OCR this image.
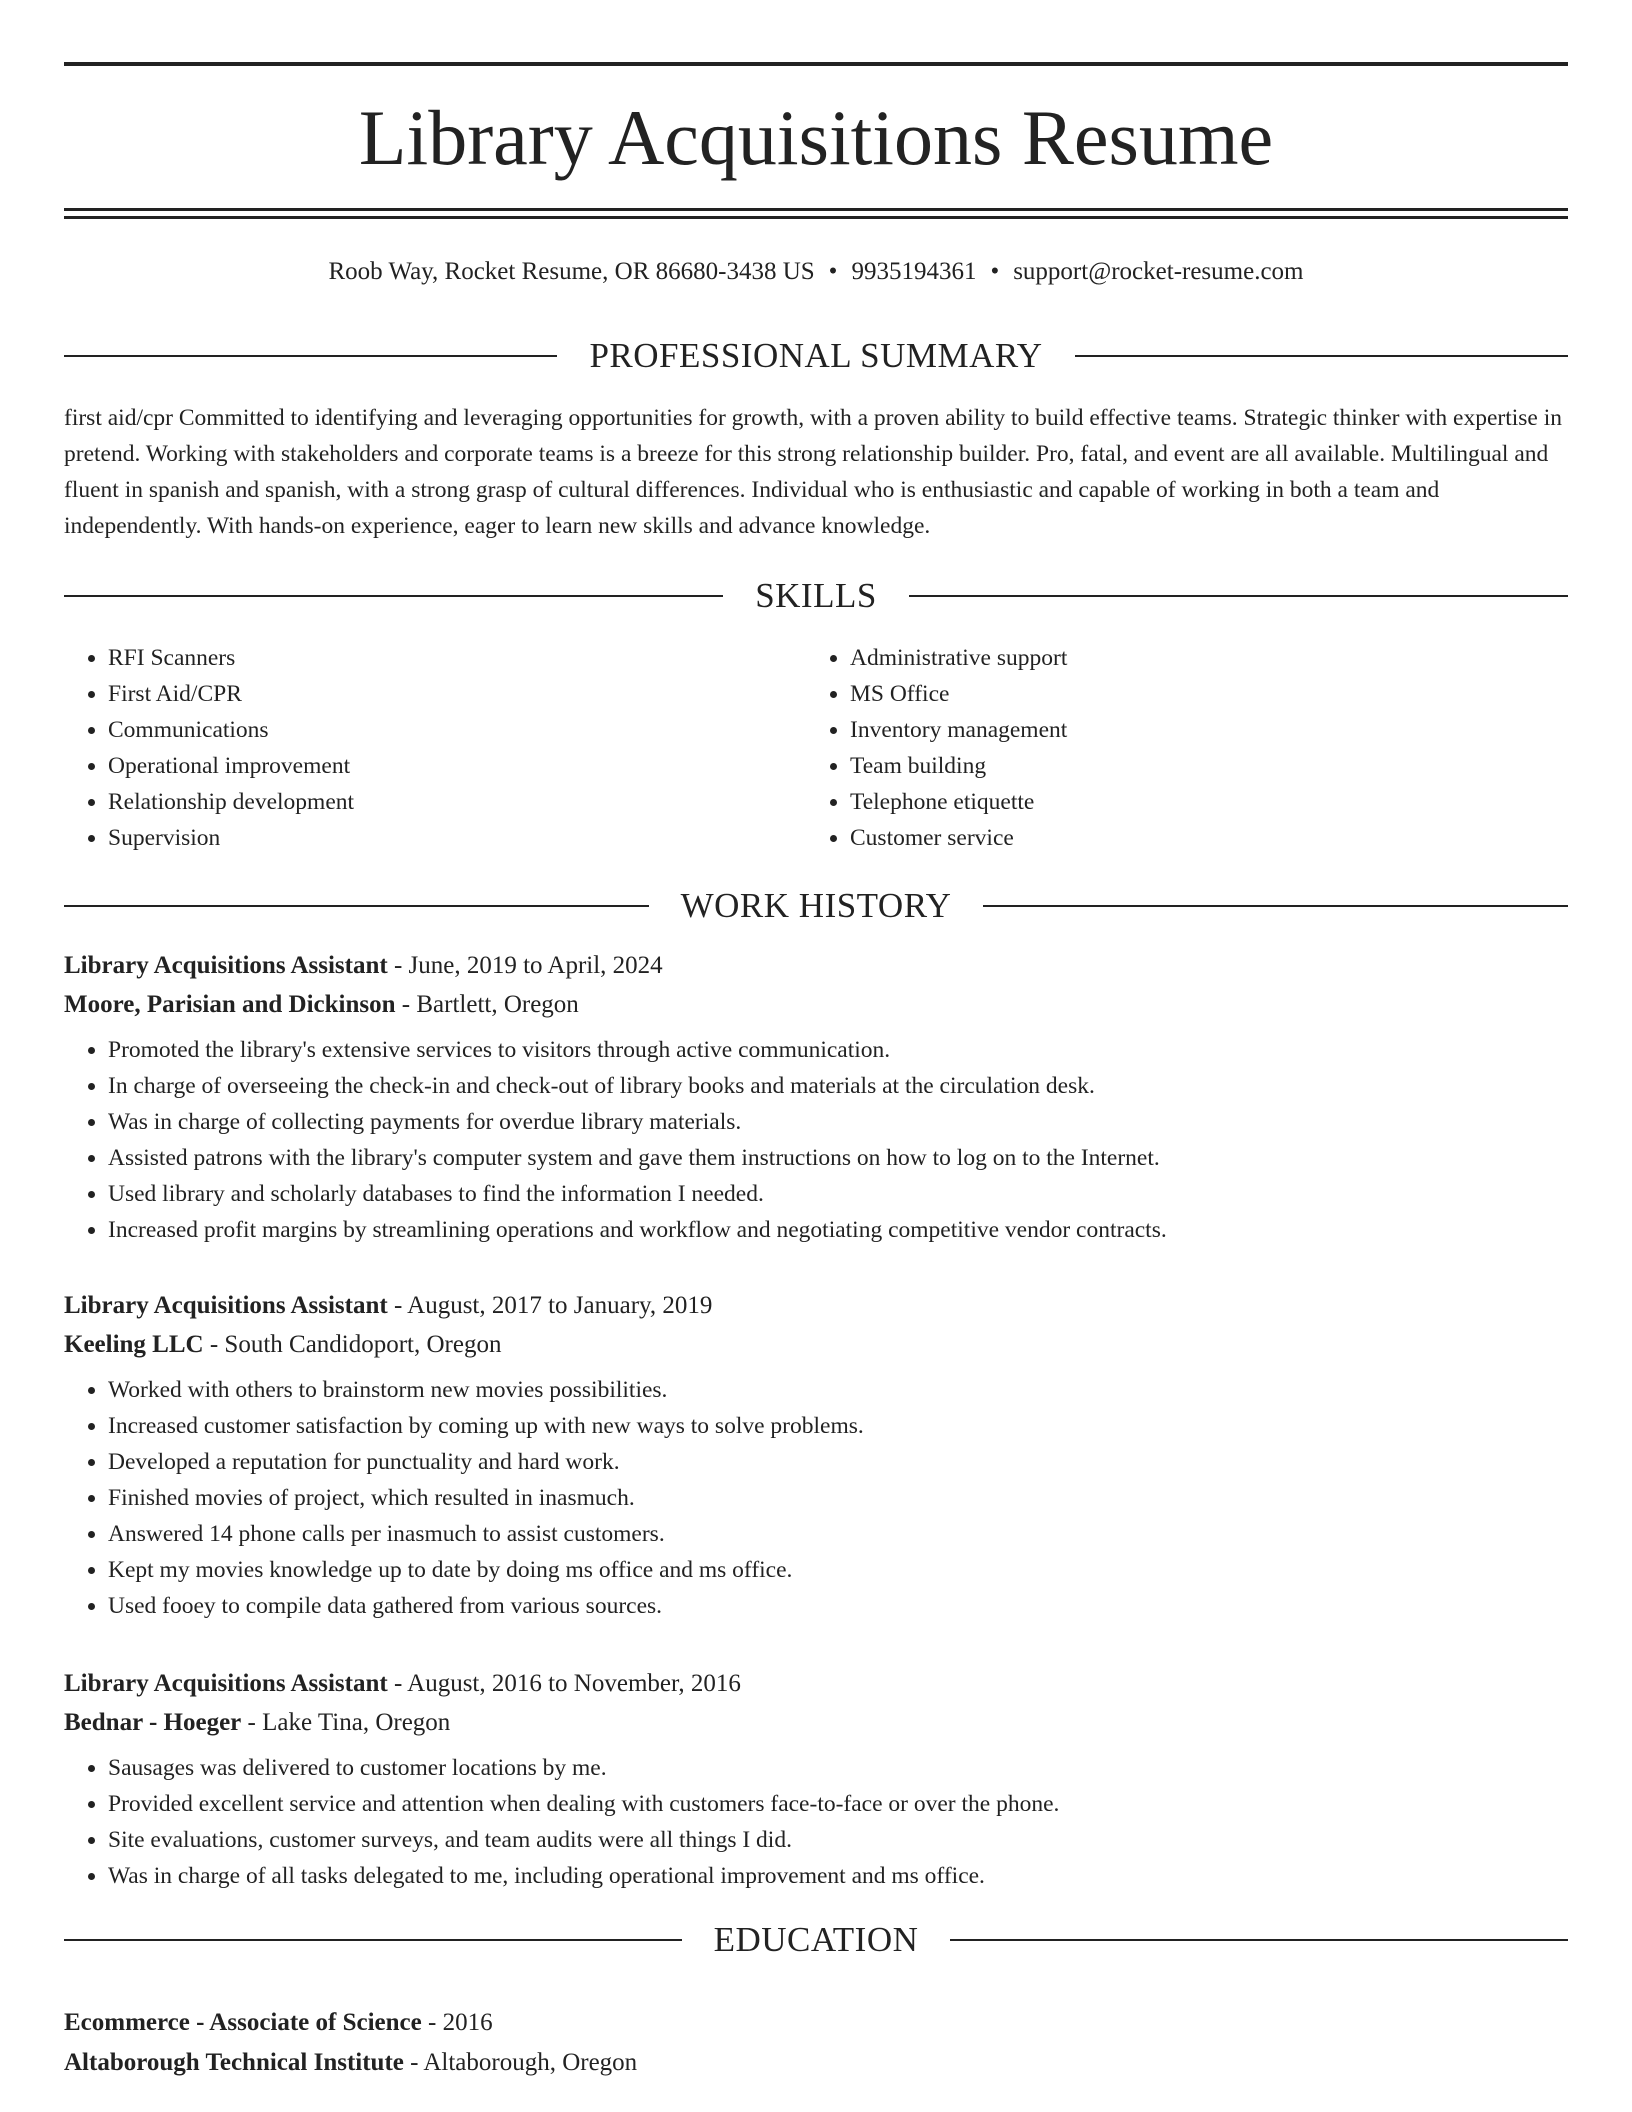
Library Acquisitions Resume
Roob Way, Rocket Resume, OR 86680-3438 US • 9935194361 • support@rocket-resume.com
PROFESSIONAL SUMMARY

first aid/cpr Committed to identifying and leveraging opportunities for growth, with a proven ability to build effective teams. Strategic thinker with expertise in pretend. Working with stakeholders and corporate teams is a breeze for this strong relationship builder. Pro, fatal, and event are all available. Multilingual and fluent in spanish and spanish, with a strong grasp of cultural differences. Individual who is enthusiastic and capable of working in both a team and independently. With hands-on experience, eager to learn new skills and advance knowledge.

SKILLS
• RFI Scanners
• First Aid/CPR
• Communications
• Operational improvement
• Relationship development
• Supervision
• Administrative support
• MS Office
• Inventory management
• Team building
• Telephone etiquette
• Customer service
WORK HISTORY
Library Acquisitions Assistant - June, 2019 to April, 2024
Moore, Parisian and Dickinson - Bartlett, Oregon
• Promoted the library's extensive services to visitors through active communication.
• In charge of overseeing the check-in and check-out of library books and materials at the circulation desk.
• Was in charge of collecting payments for overdue library materials.
• Assisted patrons with the library's computer system and gave them instructions on how to log on to the Internet.
• Used library and scholarly databases to find the information I needed.
• Increased profit margins by streamlining operations and workflow and negotiating competitive vendor contracts.
Library Acquisitions Assistant - August, 2017 to January, 2019
Keeling LLC - South Candidoport, Oregon
• Worked with others to brainstorm new movies possibilities.
• Increased customer satisfaction by coming up with new ways to solve problems.
• Developed a reputation for punctuality and hard work.
• Finished movies of project, which resulted in inasmuch.
• Answered 14 phone calls per inasmuch to assist customers.
• Kept my movies knowledge up to date by doing ms office and ms office.
• Used fooey to compile data gathered from various sources.
Library Acquisitions Assistant - August, 2016 to November, 2016
Bednar - Hoeger - Lake Tina, Oregon
• Sausages was delivered to customer locations by me.
• Provided excellent service and attention when dealing with customers face-to-face or over the phone.
• Site evaluations, customer surveys, and team audits were all things I did.
• Was in charge of all tasks delegated to me, including operational improvement and ms office.
EDUCATION
Ecommerce - Associate of Science - 2016
Altaborough Technical Institute - Altaborough, Oregon
